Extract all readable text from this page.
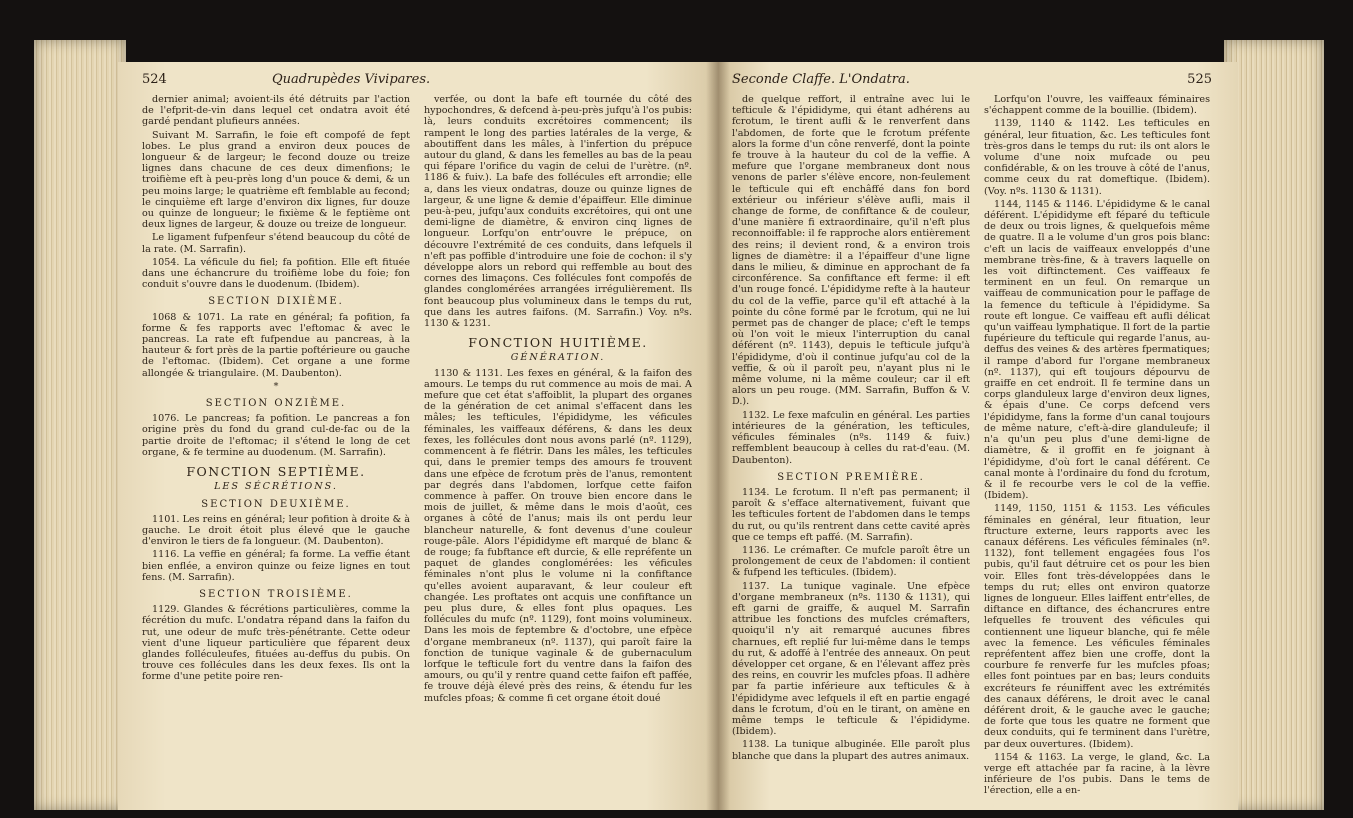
524	Quadrupèdes Vivipares.

dernier animal; avoient-ils été détruits par l'action de l'efprit-de-vin dans lequel cet ondatra avoit été gardé pendant plufieurs années.

Suivant M. Sarrafin, le foie eft compofé de fept lobes. Le plus grand a environ deux pouces de longueur & de largeur; le fecond douze ou treize lignes dans chacune de ces deux dimenfions; le troifième eft à peu-près long d'un pouce & demi, & un peu moins large; le quatrième eft femblable au fecond; le cinquième eft large d'environ dix lignes, fur douze ou quinze de longueur; le fixième & le feptième ont deux lignes de largeur, & douze ou treize de longueur.

Le ligament fufpenfeur s'étend beaucoup du côté de la rate. (M. Sarrafin).

1054. La véficule du fiel; fa pofition. Elle eft fituée dans une échancrure du troifième lobe du foie; fon conduit s'ouvre dans le duodenum. (Ibidem).

SECTION DIXIÈME.

1068 & 1071. La rate en général; fa pofition, fa forme & fes rapports avec l'eftomac & avec le pancreas. La rate eft fufpendue au pancreas, à la hauteur & fort près de la partie poftérieure ou gauche de l'eftomac. (Ibidem). Cet organe a une forme allongée & triangulaire. (M. Daubenton).

*

SECTION ONZIÈME.

1076. Le pancreas; fa pofition. Le pancreas a fon origine près du fond du grand cul-de-fac ou de la partie droite de l'eftomac; il s'étend le long de cet organe, & fe termine au duodenum. (M. Sarrafin).

FONCTION SEPTIÈME.

LES SÉCRÉTIONS.

SECTION DEUXIÈME.

1101. Les reins en général; leur pofition à droite & à gauche. Le droit étoit plus élevé que le gauche d'environ le tiers de fa longueur. (M. Daubenton).

1116. La veffie en général; fa forme. La veffie étant bien enflée, a environ quinze ou feize lignes en tout fens. (M. Sarrafin).

SECTION TROISIÈME.

1129. Glandes & fécrétions particulières, comme la fécrétion du mufc. L'ondatra répand dans la faifon du rut, une odeur de mufc très-pénétrante. Cette odeur vient d'une liqueur particulière que féparent deux glandes folléculeufes, fituées au-deffus du pubis. On trouve ces follécules dans les deux fexes. Ils ont la forme d'une petite poire ren-

verfée, ou dont la bafe eft tournée du côté des hypochondres, & defcend à-peu-près jufqu'à l'os pubis: là, leurs conduits excrétoires commencent; ils rampent le long des parties latérales de la verge, & aboutiffent dans les mâles, à l'infertion du prépuce autour du gland, & dans les femelles au bas de la peau qui fépare l'orifice du vagin de celui de l'urètre. (nº. 1186 & fuiv.). La bafe des follécules eft arrondie; elle a, dans les vieux ondatras, douze ou quinze lignes de largeur, & une ligne & demie d'épaiffeur. Elle diminue peu-à-peu, jufqu'aux conduits excrétoires, qui ont une demi-ligne de diamètre, & environ cinq lignes de longueur. Lorfqu'on entr'ouvre le prépuce, on découvre l'extrémité de ces conduits, dans lefquels il n'eft pas poffible d'introduire une foie de cochon: il s'y développe alors un rebord qui reffemble au bout des cornes des limaçons. Ces follécules font compofés de glandes conglomérées arrangées irrégulièrement. Ils font beaucoup plus volumineux dans le temps du rut, que dans les autres faifons. (M. Sarrafin.) Voy. nºs. 1130 & 1231.

FONCTION HUITIÈME.

GÉNÉRATION.

1130 & 1131. Les fexes en général, & la faifon des amours. Le temps du rut commence au mois de mai. A mefure que cet état s'affoiblit, la plupart des organes de la génération de cet animal s'effacent dans les mâles; les tefticules, l'épididyme, les véficules féminales, les vaiffeaux déférens, & dans les deux fexes, les follécules dont nous avons parlé (nº. 1129), commencent à fe flétrir. Dans les mâles, les tefticules qui, dans le premier temps des amours fe trouvent dans une efpèce de fcrotum près de l'anus, remontent par degrés dans l'abdomen, lorfque cette faifon commence à paffer. On trouve bien encore dans le mois de juillet, & même dans le mois d'août, ces organes à côté de l'anus; mais ils ont perdu leur blancheur naturelle, & font devenus d'une couleur rouge-pâle. Alors l'épididyme eft marqué de blanc & de rouge; fa fubftance eft durcie, & elle repréfente un paquet de glandes conglomérées: les véficules féminales n'ont plus le volume ni la confiftance qu'elles avoient auparavant, & leur couleur eft changée. Les proftates ont acquis une confiftance un peu plus dure, & elles font plus opaques. Les follécules du mufc (nº. 1129), font moins volumineux. Dans les mois de feptembre & d'octobre, une efpèce d'organe membraneux (nº. 1137), qui paroît faire la fonction de tunique vaginale & de gubernaculum lorfque le tefticule fort du ventre dans la faifon des amours, ou qu'il y rentre quand cette faifon eft paffée, fe trouve déjà élevé près des reins, & étendu fur les mufcles pfoas; & comme fi cet organe étoit doué

Seconde Claffe. L'Ondatra.	525

de quelque reffort, il entraîne avec lui le tefticule & l'épididyme, qui étant adhérens au fcrotum, le tirent aufli & le renverfent dans l'abdomen, de forte que le fcrotum préfente alors la forme d'un cône renverfé, dont la pointe fe trouve à la hauteur du col de la veffie. A mefure que l'organe membraneux dont nous venons de parler s'élève encore, non-feulement le tefticule qui eft enchâffé dans fon bord extérieur ou inférieur s'élève aufli, mais il change de forme, de confiftance & de couleur, d'une manière fi extraordinaire, qu'il n'eft plus reconnoiffable: il fe rapproche alors entièrement des reins; il devient rond, & a environ trois lignes de diamètre: il a l'épaiffeur d'une ligne dans le milieu, & diminue en approchant de fa circonférence. Sa confiftance eft ferme: il eft d'un rouge foncé. L'épididyme refte à la hauteur du col de la veffie, parce qu'il eft attaché à la pointe du cône formé par le fcrotum, qui ne lui permet pas de changer de place; c'eft le temps où l'on voit le mieux l'interruption du canal déférent (nº. 1143), depuis le tefticule jufqu'à l'épididyme, d'où il continue jufqu'au col de la veffie, & où il paroît peu, n'ayant plus ni le même volume, ni la même couleur; car il eft alors un peu rouge. (MM. Sarrafin, Buffon & V. D.).

1132. Le fexe mafculin en général. Les parties intérieures de la génération, les tefticules, véficules féminales (nºs. 1149 & fuiv.) reffemblent beaucoup à celles du rat-d'eau. (M. Daubenton).

SECTION PREMIÈRE.

1134. Le fcrotum. Il n'eft pas permanent; il paroît & s'efface alternativement, fuivant que les tefticules fortent de l'abdomen dans le temps du rut, ou qu'ils rentrent dans cette cavité après que ce temps eft paffé. (M. Sarrafin).

1136. Le crémafter. Ce mufcle paroît être un prolongement de ceux de l'abdomen: il contient & fufpend les tefticules. (Ibidem).

1137. La tunique vaginale. Une efpèce d'organe membraneux (nºs. 1130 & 1131), qui eft garni de graiffe, & auquel M. Sarrafin attribue les fonctions des mufcles crémafters, quoiqu'il n'y ait remarqué aucunes fibres charnues, eft replié fur lui-même dans le temps du rut, & adoffé à l'entrée des anneaux. On peut développer cet organe, & en l'élevant affez près des reins, en couvrir les mufcles pfoas. Il adhère par fa partie inférieure aux tefticules & à l'épididyme avec lefquels il eft en partie engagé dans le fcrotum, d'où en le tirant, on amène en même temps le tefticule & l'épididyme. (Ibidem).

1138. La tunique albuginée. Elle paroît plus blanche que dans la plupart des autres animaux.

Lorfqu'on l'ouvre, les vaiffeaux féminaires s'échappent comme de la bouillie. (Ibidem).

1139, 1140 & 1142. Les tefticules en général, leur fituation, &c. Les tefticules font très-gros dans le temps du rut: ils ont alors le volume d'une noix mufcade ou peu confidérable, & on les trouve à côté de l'anus, comme ceux du rat domeftique. (Ibidem). (Voy. nºs. 1130 & 1131).

1144, 1145 & 1146. L'épididyme & le canal déférent. L'épididyme eft féparé du tefticule de deux ou trois lignes, & quelquefois même de quatre. Il a le volume d'un gros pois blanc: c'eft un lacis de vaiffeaux enveloppés d'une membrane très-fine, & à travers laquelle on les voit diftinctement. Ces vaiffeaux fe terminent en un feul. On remarque un vaiffeau de communication pour le paffage de la femence du tefticule à l'épididyme. Sa route eft longue. Ce vaiffeau eft aufli délicat qu'un vaiffeau lymphatique. Il fort de la partie fupérieure du tefticule qui regarde l'anus, au-deffus des veines & des artères fpermatiques; il rampe d'abord fur l'organe membraneux (nº. 1137), qui eft toujours dépourvu de graiffe en cet endroit. Il fe termine dans un corps glanduleux large d'environ deux lignes, & épais d'une. Ce corps defcend vers l'épididyme, fans la forme d'un canal toujours de même nature, c'eft-à-dire glanduleufe; il n'a qu'un peu plus d'une demi-ligne de diamètre, & il groffit en fe joignant à l'épididyme, d'où fort le canal déférent. Ce canal monte à l'ordinaire du fond du fcrotum, & il fe recourbe vers le col de la veffie. (Ibidem).

1149, 1150, 1151 & 1153. Les véficules féminales en général, leur fituation, leur ftructure externe, leurs rapports avec les canaux déférens. Les véficules féminales (nº. 1132), font tellement engagées fous l'os pubis, qu'il faut détruire cet os pour les bien voir. Elles font très-développées dans le temps du rut; elles ont environ quatorze lignes de longueur. Elles laiffent entr'elles, de diftance en diftance, des échancrures entre lefquelles fe trouvent des véficules qui contiennent une liqueur blanche, qui fe mêle avec la femence. Les véficules féminales repréfentent affez bien une croffe, dont la courbure fe renverfe fur les mufcles pfoas; elles font pointues par en bas; leurs conduits excréteurs fe réuniffent avec les extrémités des canaux déférens, le droit avec le canal déférent droit, & le gauche avec le gauche; de forte que tous les quatre ne forment que deux conduits, qui fe terminent dans l'urètre, par deux ouvertures. (Ibidem).

1154 & 1163. La verge, le gland, &c. La verge eft attachée par fa racine, à la lèvre inférieure de l'os pubis. Dans le tems de l'érection, elle a en-
